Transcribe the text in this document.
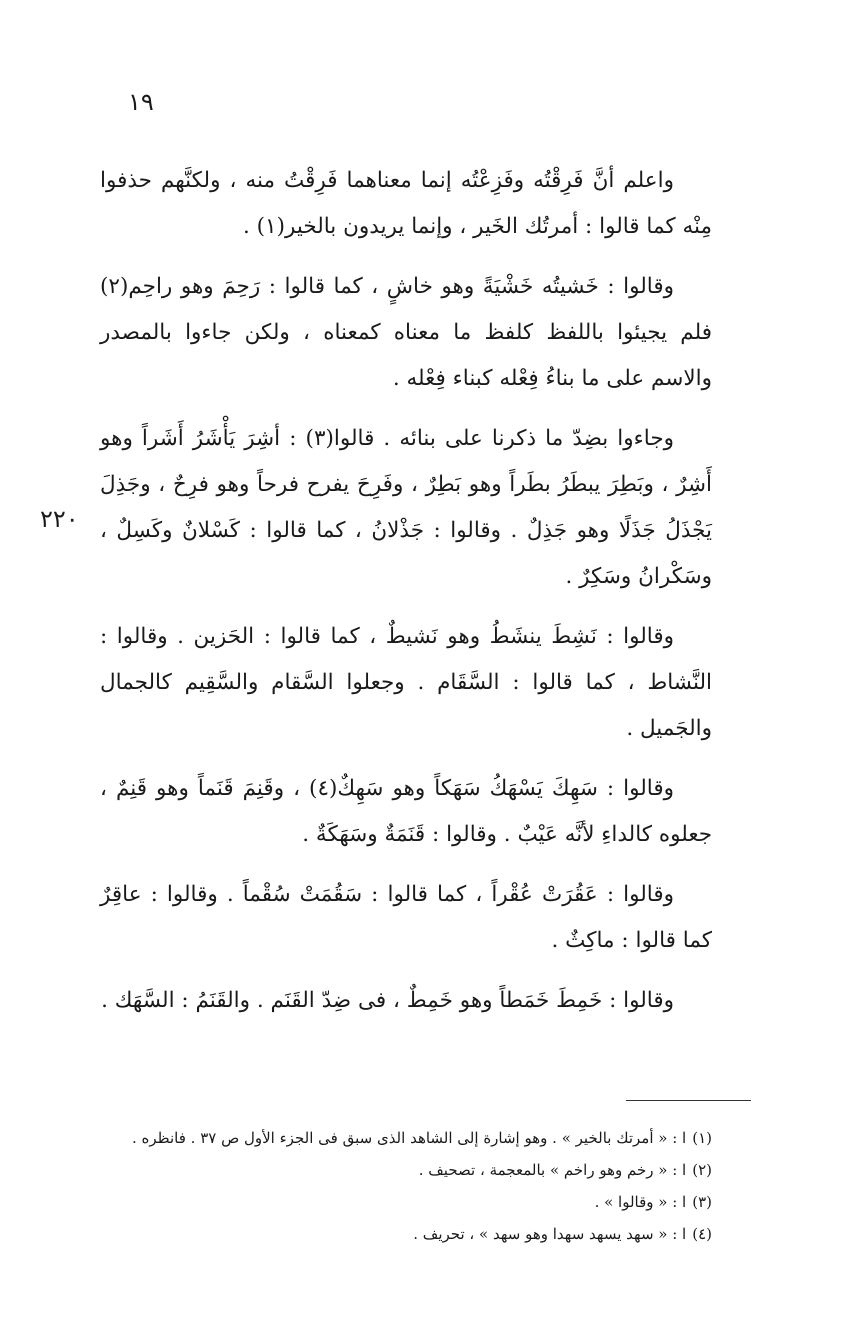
١٩
٢٢٠

واعلم أنَّ فَرِقْتُه وفَزِعْتُه إنما معناهما فَرِقْتُ منه ، ولكنَّهم حذفوا مِنْه كما قالوا : أمرتُك الخَير ، وإنما يريدون بالخير(١) .

وقالوا : خَشيتُه خَشْيَةً وهو خاشٍ ، كما قالوا : رَحِمَ وهو راحِم(٢) فلم يجيئوا باللفظ كلفظ ما معناه كمعناه ، ولكن جاءوا بالمصدر والاسم على ما بناءُ فِعْله كبناء فِعْله .

وجاءوا بضِدّ ما ذكرنا على بنائه . قالوا(٣) : أشِرَ يَأْشَرُ أَشَراً وهو أَشِرٌ ، وبَطِرَ يبطَرُ بطَراً وهو بَطِرٌ ، وفَرِحَ يفرح فرحاً وهو فرِحٌ ، وجَذِلَ يَجْذَلُ جَذَلًا وهو جَذِلٌ . وقالوا : جَذْلانُ ، كما قالوا : كَسْلانٌ وكَسِلٌ ، وسَكْرانُ وسَكِرٌ .

وقالوا : نَشِطَ ينشَطُ وهو نَشيطٌ ، كما قالوا : الحَزين . وقالوا : النَّشاط ، كما قالوا : السَّقَام . وجعلوا السَّقام والسَّقِيم كالجمال والجَميل .

وقالوا : سَهِكَ يَسْهَكُ سَهَكاً وهو سَهِكٌ(٤) ، وقَنِمَ قَنَماً وهو قَنِمٌ ، جعلوه كالداءِ لأنَّه عَيْبٌ . وقالوا : قَنَمَةٌ وسَهَكَةٌ .

وقالوا : عَقُرَتْ عُقْراً ، كما قالوا : سَقُمَتْ سُقْماً . وقالوا : عاقِرٌ كما قالوا : ماكِثٌ .

وقالوا : خَمِطَ خَمَطاً وهو خَمِطٌ ، فى ضِدّ القَنَم . والقَنَمُ : السَّهَك .

(١)ا : « أمرتك بالخير » . وهو إشارة إلى الشاهد الذى سبق فى الجزء الأول ص ٣٧ . فانظره .

(٢)ا : « رخم وهو راخم » بالمعجمة ، تصحيف .

(٣)ا : « وقالوا » .

(٤)ا : « سهد يسهد سهدا وهو سهد » ، تحريف .
